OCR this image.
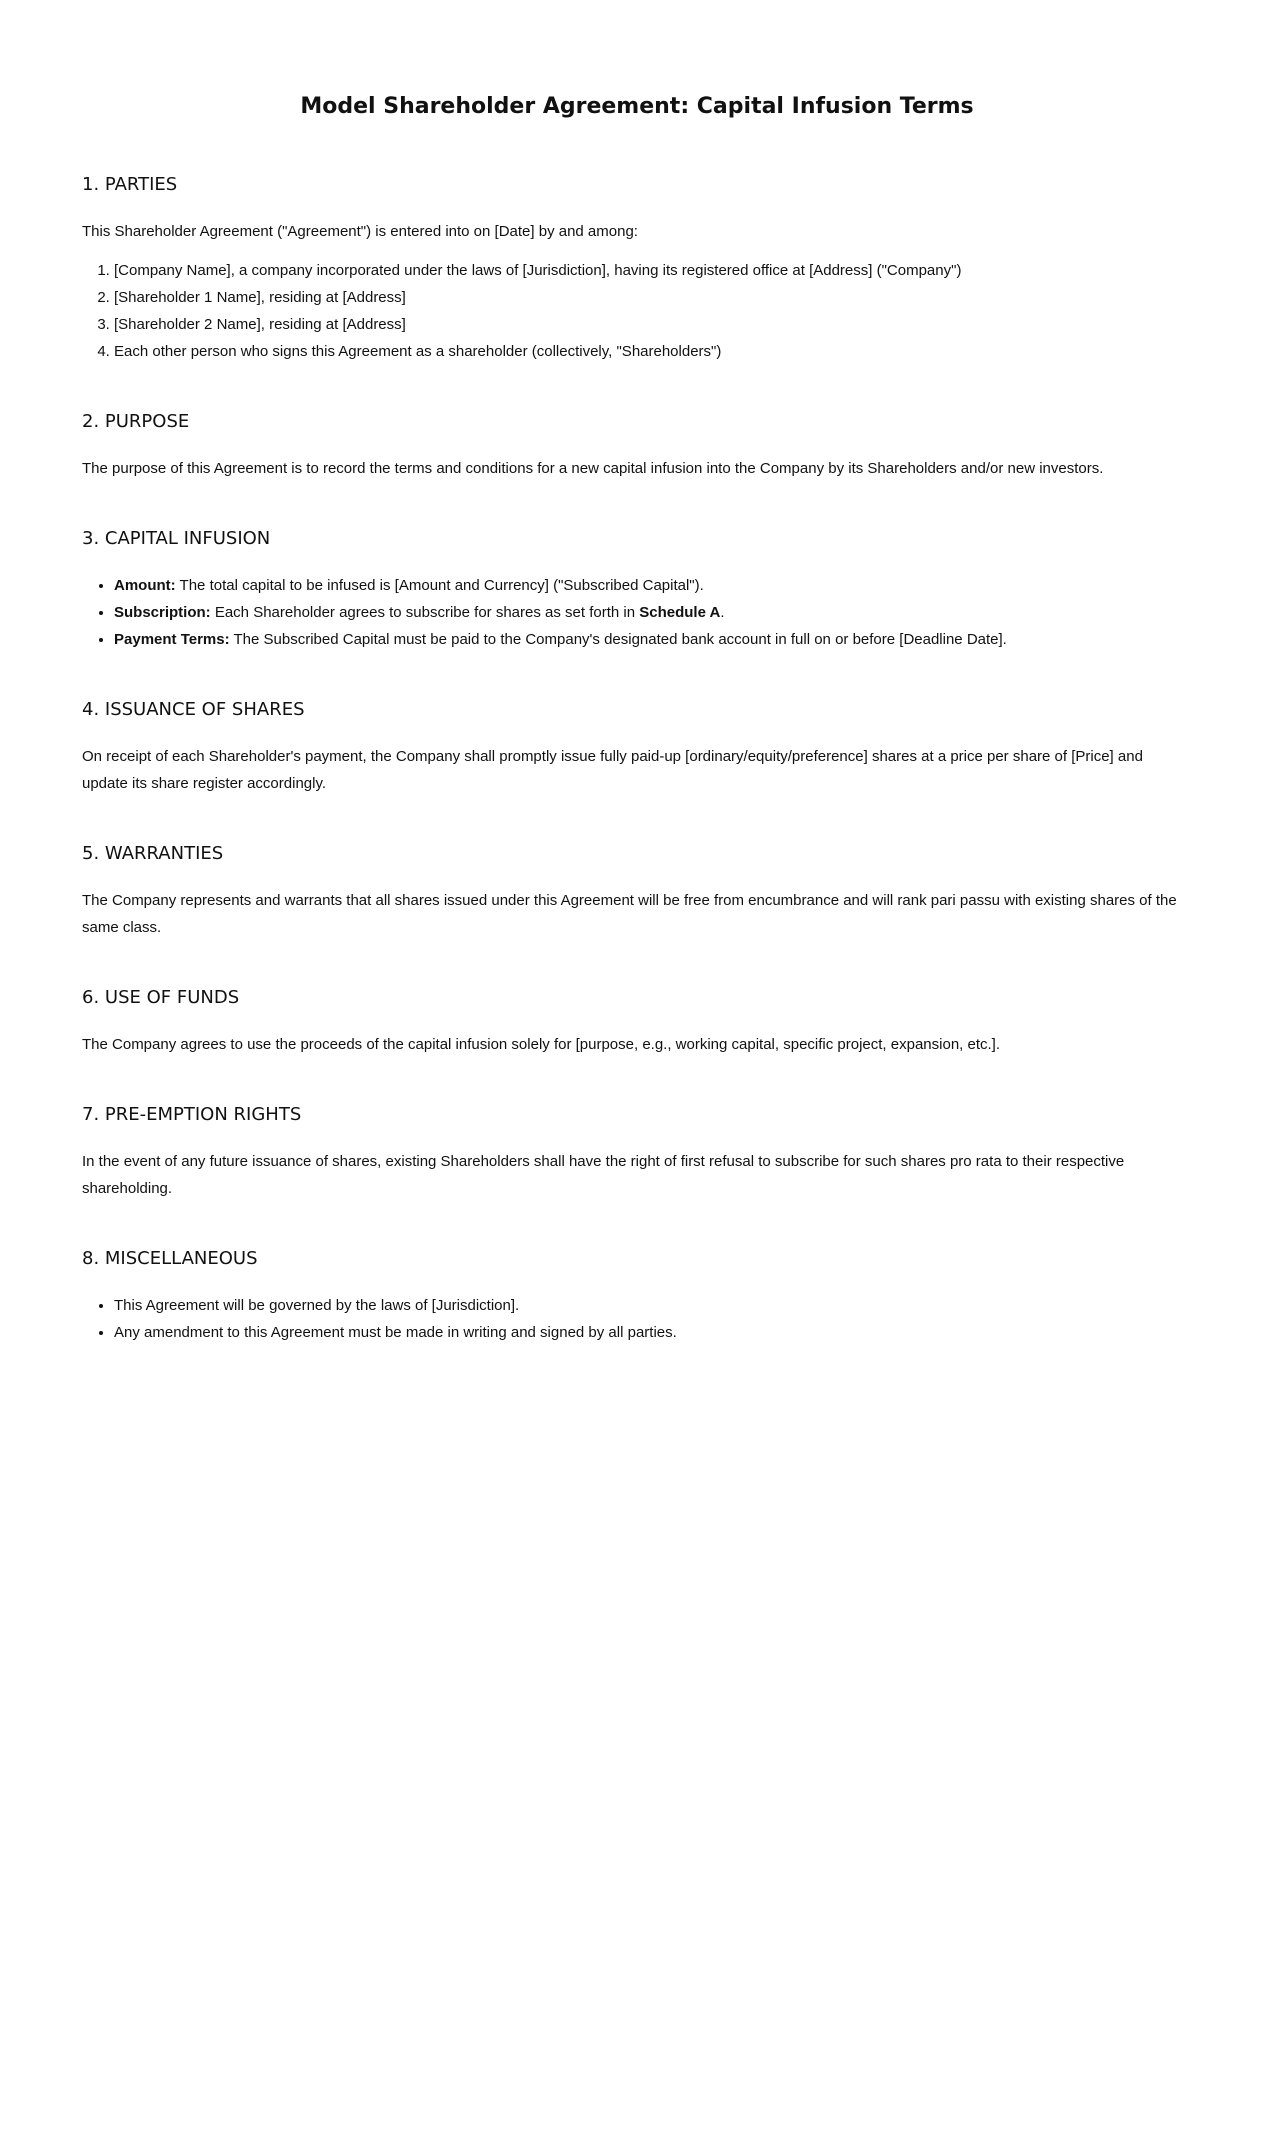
Model Shareholder Agreement: Capital Infusion Terms
1. PARTIES

This Shareholder Agreement ("Agreement") is entered into on [Date] by and among:

1. [Company Name], a company incorporated under the laws of [Jurisdiction], having its registered office at [Address] ("Company")
2. [Shareholder 1 Name], residing at [Address]
3. [Shareholder 2 Name], residing at [Address]
4. Each other person who signs this Agreement as a shareholder (collectively, "Shareholders")
2. PURPOSE

The purpose of this Agreement is to record the terms and conditions for a new capital infusion into the Company by its Shareholders and/or new investors.

3. CAPITAL INFUSION
• Amount: The total capital to be infused is [Amount and Currency] ("Subscribed Capital").
• Subscription: Each Shareholder agrees to subscribe for shares as set forth in Schedule A.
• Payment Terms: The Subscribed Capital must be paid to the Company's designated bank account in full on or before [Deadline Date].
4. ISSUANCE OF SHARES

On receipt of each Shareholder's payment, the Company shall promptly issue fully paid-up [ordinary/equity/preference] shares at a price per share of [Price] and update its share register accordingly.

5. WARRANTIES

The Company represents and warrants that all shares issued under this Agreement will be free from encumbrance and will rank pari passu with existing shares of the same class.

6. USE OF FUNDS

The Company agrees to use the proceeds of the capital infusion solely for [purpose, e.g., working capital, specific project, expansion, etc.].

7. PRE-EMPTION RIGHTS

In the event of any future issuance of shares, existing Shareholders shall have the right of first refusal to subscribe for such shares pro rata to their respective shareholding.

8. MISCELLANEOUS
• This Agreement will be governed by the laws of [Jurisdiction].
• Any amendment to this Agreement must be made in writing and signed by all parties.
